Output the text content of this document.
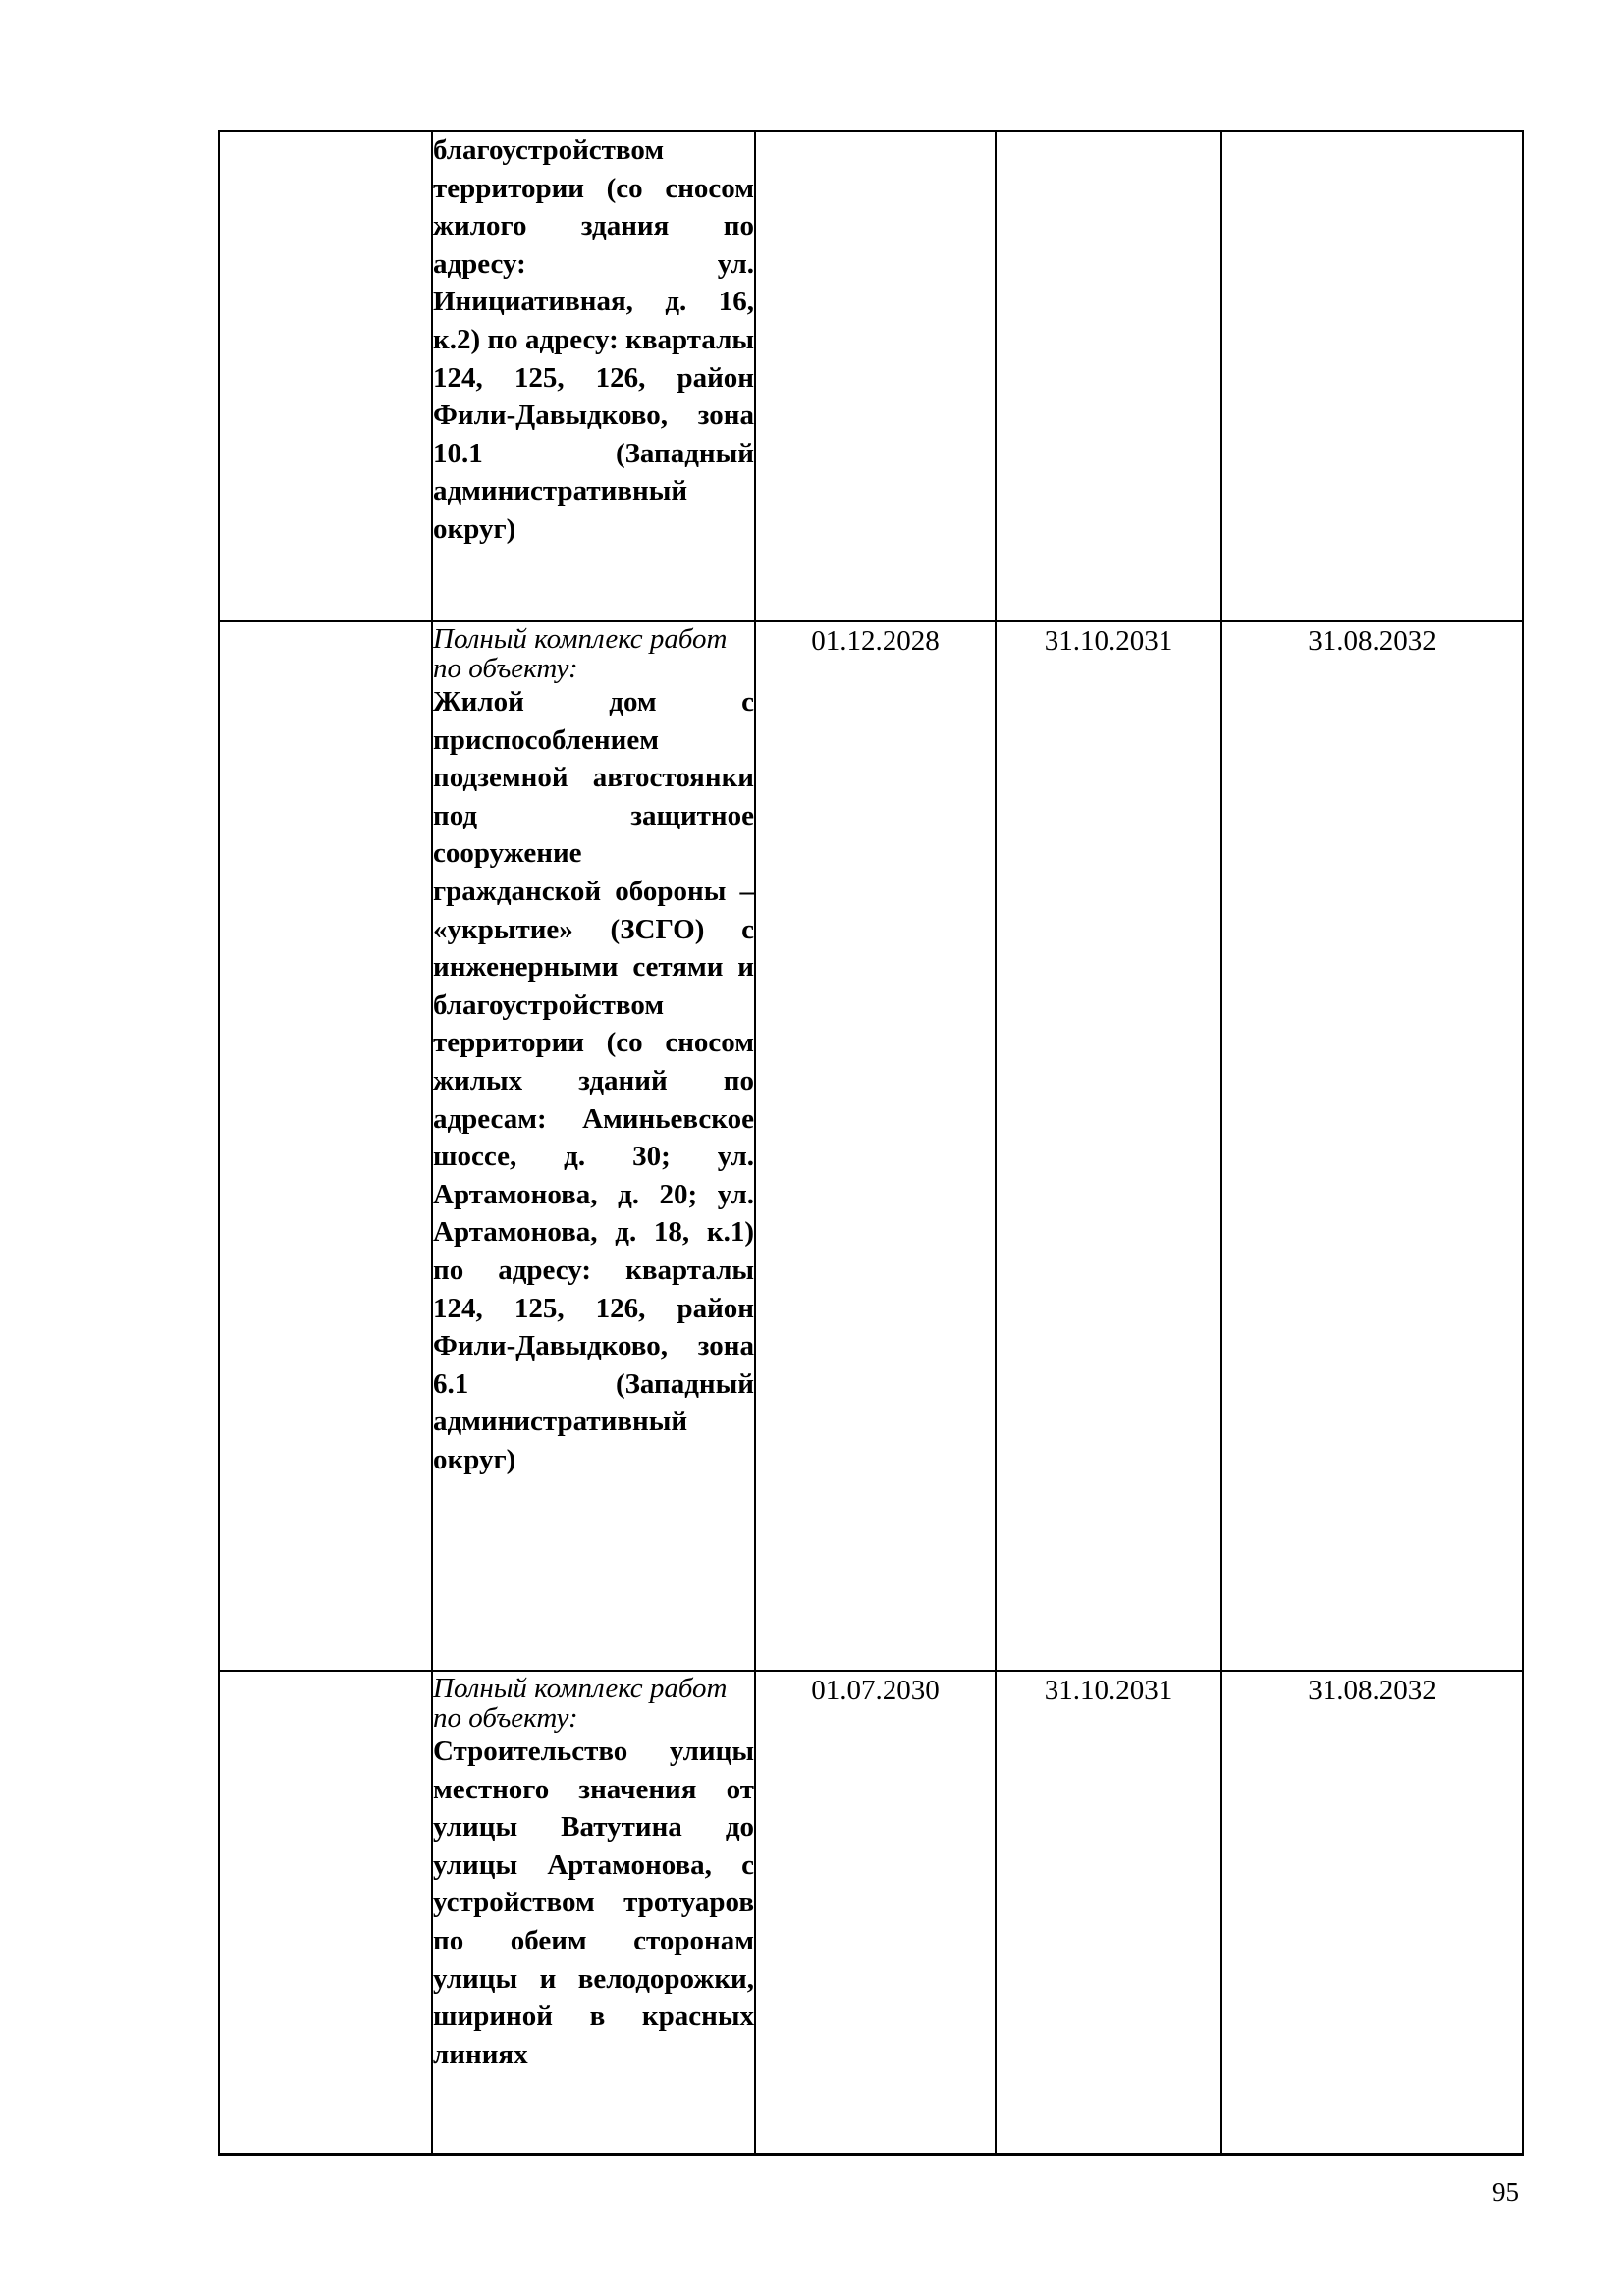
	благоустройством территории (со сносом жилого здания по адресу: ул. Инициативная, д. 16, к.2) по адресу: кварталы 124, 125, 126, район Фили-Давыдково, зона 10.1 (Западный административный округ)			

	Полный комплекс работ по объекту:
Жилой дом с приспособлением подземной автостоянки под защитное сооружение гражданской обороны – «укрытие» (ЗСГО) с инженерными сетями и благоустройством территории (со сносом жилых зданий по адресам: Аминьевское шоссе, д. 30; ул. Артамонова, д. 20; ул. Артамонова, д. 18, к.1) по адресу: кварталы 124, 125, 126, район Фили-Давыдково, зона 6.1 (Западный административный округ)	01.12.2028	31.10.2031	31.08.2032

	Полный комплекс работ по объекту:
Строительство улицы местного значения от улицы Ватутина до улицы Артамонова, с устройством тротуаров по обеим сторонам улицы и велодорожки, шириной в красных линиях	01.07.2030	31.10.2031	31.08.2032
95
